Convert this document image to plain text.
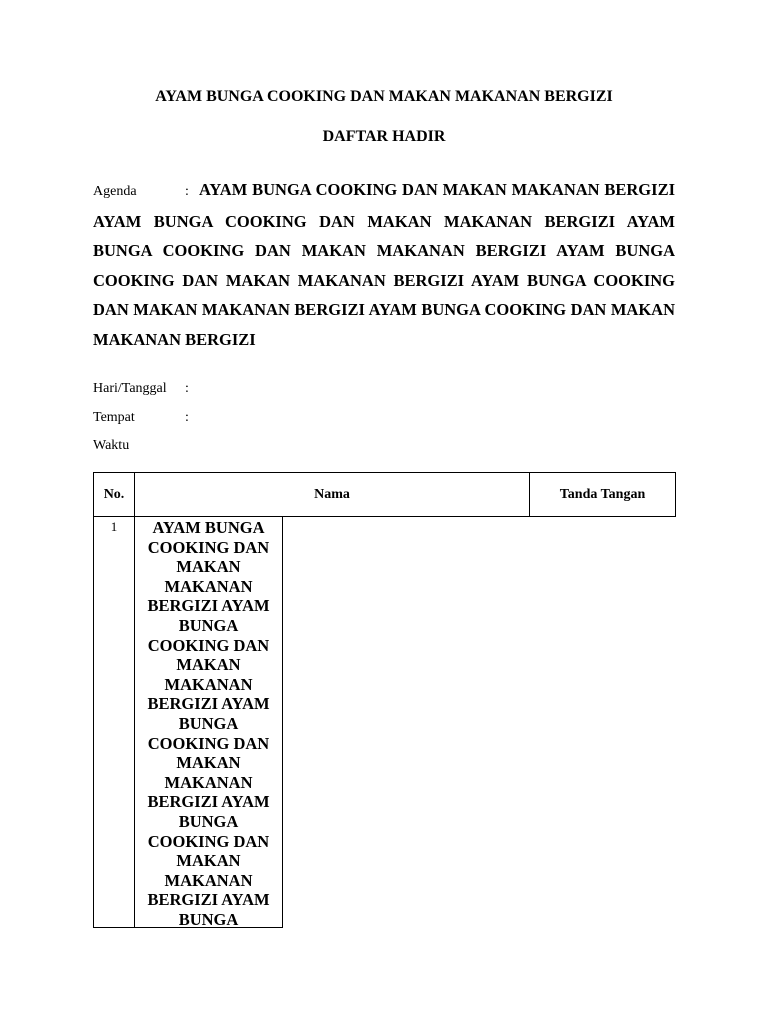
AYAM BUNGA COOKING DAN MAKAN MAKANAN BERGIZI
DAFTAR HADIR

Agenda	: AYAM BUNGA COOKING DAN MAKAN MAKANAN BERGIZI AYAM BUNGA COOKING DAN MAKAN MAKANAN BERGIZI AYAM BUNGA COOKING DAN MAKAN MAKANAN BERGIZI AYAM BUNGA COOKING DAN MAKAN MAKANAN BERGIZI AYAM BUNGA COOKING DAN MAKAN MAKANAN BERGIZI AYAM BUNGA COOKING DAN MAKAN MAKANAN BERGIZI

Hari/Tanggal :
Tempat	:
Waktu
No.	Nama		Tanda Tangan
1	AYAM BUNGA COOKING DAN MAKAN MAKANAN BERGIZI AYAM BUNGA COOKING DAN MAKAN MAKANAN BERGIZI AYAM BUNGA COOKING DAN MAKAN MAKANAN BERGIZI AYAM BUNGA COOKING DAN MAKAN MAKANAN BERGIZI AYAM BUNGA		
